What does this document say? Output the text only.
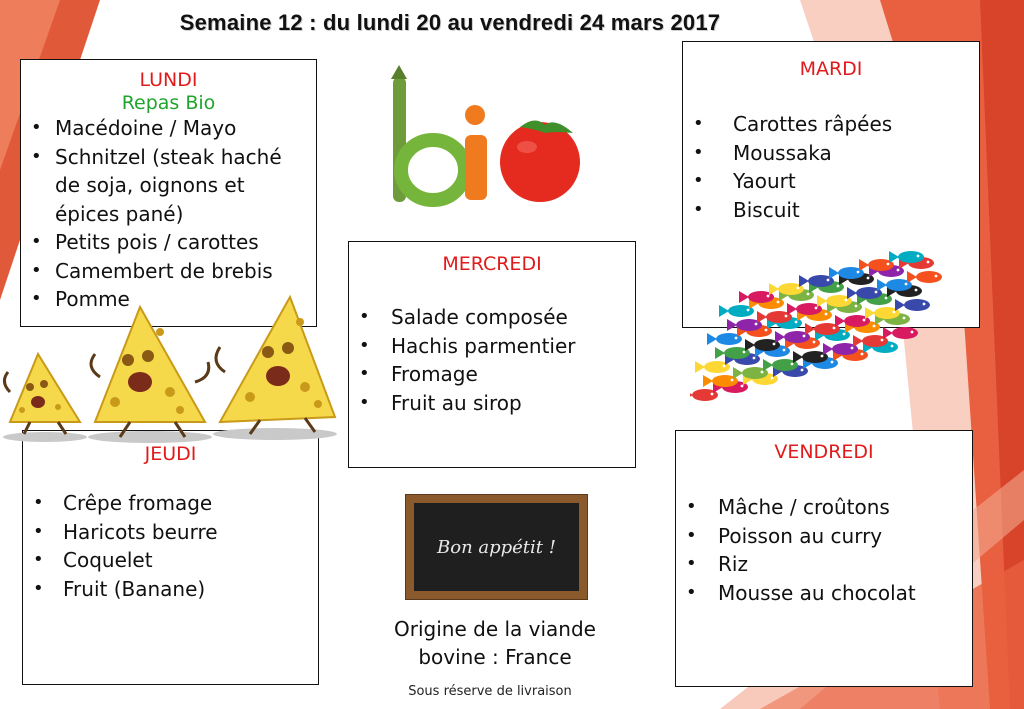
Semaine 12 : du lundi 20 au vendredi 24 mars 2017
LUNDI
Repas Bio
• Macédoine / Mayo
• Schnitzel (steak haché de soja, oignons et épices pané)
• Petits pois / carottes
• Camembert de brebis
• Pomme
MARDI
• Carottes râpées
• Moussaka
• Yaourt
• Biscuit
MERCREDI
• Salade composée
• Hachis parmentier
• Fromage
• Fruit au sirop
JEUDI
• Crêpe fromage
• Haricots beurre
• Coquelet
• Fruit (Banane)
Bon appétit !
Origine de la viande
bovine : France
Sous réserve de livraison
VENDREDI
• Mâche / croûtons
• Poisson au curry
• Riz
• Mousse au chocolat
